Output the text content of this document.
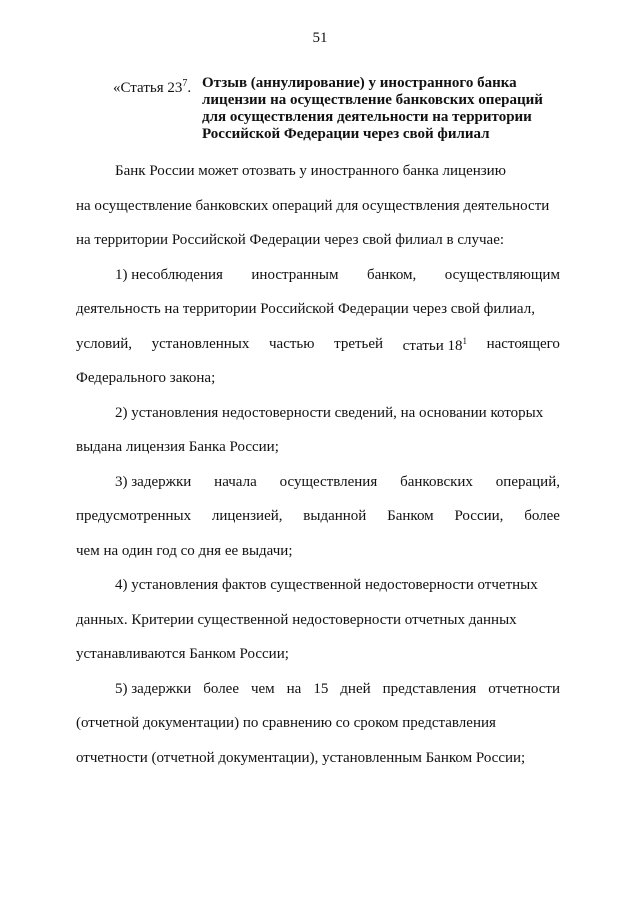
51
«Статья $23^7$. Отзыв (аннулирование) у иностранного банка
лицензии на осуществление банковских операций
для осуществления деятельности на территории
Российской Федерации через свой филиал
Банк России может отозвать у иностранного банка лицензию
на осуществление банковских операций для осуществления деятельности
на территории Российской Федерации через свой филиал в случае:
1) несоблюдения иностранным банком, осуществляющим
деятельность на территории Российской Федерации через свой филиал,
условий, установленных частью третьей статьи $18^1$ настоящего
Федерального закона;
2) установления недостоверности сведений, на основании которых
выдана лицензия Банка России;
3) задержки начала осуществления банковских операций,
предусмотренных лицензией, выданной Банком России, более
чем на один год со дня ее выдачи;
4) установления фактов существенной недостоверности отчетных
данных. Критерии существенной недостоверности отчетных данных
устанавливаются Банком России;
5) задержки более чем на 15 дней представления отчетности
(отчетной документации) по сравнению со сроком представления
отчетности (отчетной документации), установленным Банком России;
